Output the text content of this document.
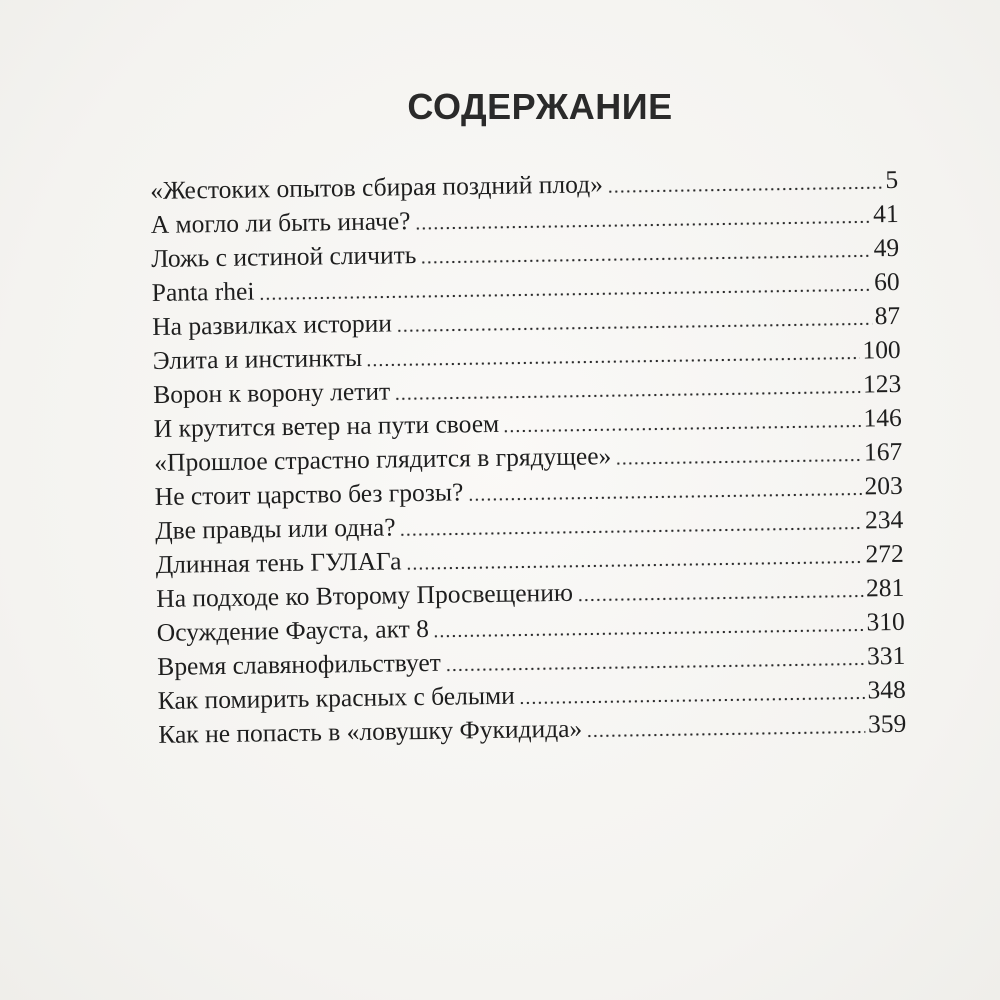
СОДЕРЖАНИЕ
«Жестоких опытов сбирая поздний плод»	5
А могло ли быть иначе?	41
Ложь с истиной сличить	49
Panta rhei	60
На развилках истории	87
Элита и инстинкты	100
Ворон к ворону летит	123
И крутится ветер на пути своем	146
«Прошлое страстно глядится в грядущее»	167
Не стоит царство без грозы?	203
Две правды или одна?	234
Длинная тень ГУЛАГа	272
На подходе ко Второму Просвещению	281
Осуждение Фауста, акт 8	310
Время славянофильствует	331
Как помирить красных с белыми	348
Как не попасть в «ловушку Фукидида»	359
